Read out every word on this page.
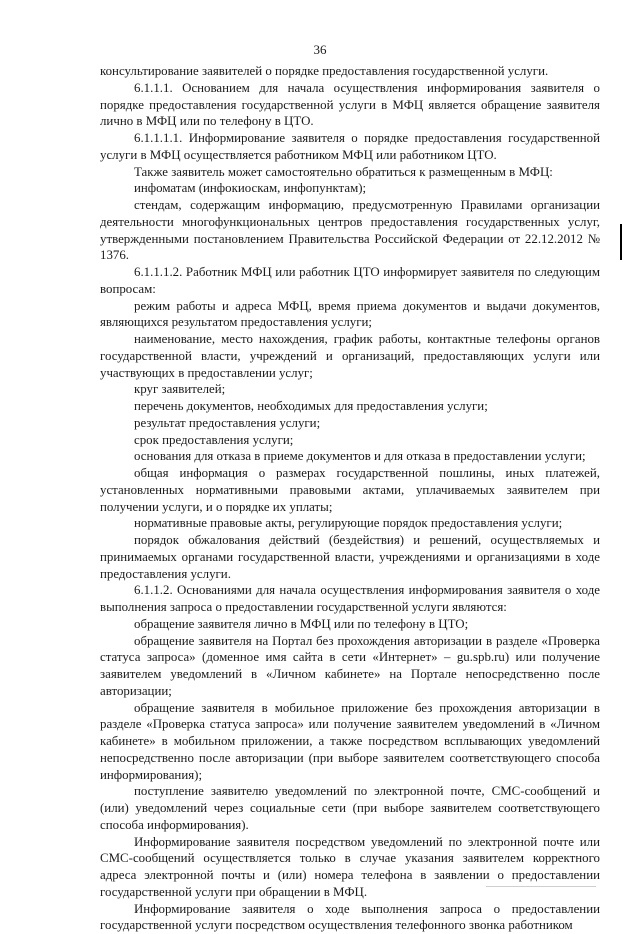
36

консультирование заявителей о порядке предоставления государственной услуги.

6.1.1.1. Основанием для начала осуществления информирования заявителя о порядке предоставления государственной услуги в МФЦ является обращение заявителя лично в МФЦ или по телефону в ЦТО.

6.1.1.1.1. Информирование заявителя о порядке предоставления государственной услуги в МФЦ осуществляется работником МФЦ или работником ЦТО.

Также заявитель может самостоятельно обратиться к размещенным в МФЦ:

инфоматам (инфокиоскам, инфопунктам);

стендам, содержащим информацию, предусмотренную Правилами организации деятельности многофункциональных центров предоставления государственных услуг, утвержденными постановлением Правительства Российской Федерации от 22.12.2012 № 1376.

6.1.1.1.2. Работник МФЦ или работник ЦТО информирует заявителя по следующим вопросам:

режим работы и адреса МФЦ, время приема документов и выдачи документов, являющихся результатом предоставления услуги;

наименование, место нахождения, график работы, контактные телефоны органов государственной власти, учреждений и организаций, предоставляющих услуги или участвующих в предоставлении услуг;

круг заявителей;

перечень документов, необходимых для предоставления услуги;

результат предоставления услуги;

срок предоставления услуги;

основания для отказа в приеме документов и для отказа в предоставлении услуги;

общая информация о размерах государственной пошлины, иных платежей, установленных нормативными правовыми актами, уплачиваемых заявителем при получении услуги, и о порядке их уплаты;

нормативные правовые акты, регулирующие порядок предоставления услуги;

порядок обжалования действий (бездействия) и решений, осуществляемых и принимаемых органами государственной власти, учреждениями и организациями в ходе предоставления услуги.

6.1.1.2. Основаниями для начала осуществления информирования заявителя о ходе выполнения запроса о предоставлении государственной услуги являются:

обращение заявителя лично в МФЦ или по телефону в ЦТО;

обращение заявителя на Портал без прохождения авторизации в разделе «Проверка статуса запроса» (доменное имя сайта в сети «Интернет» – gu.spb.ru) или получение заявителем уведомлений в «Личном кабинете» на Портале непосредственно после авторизации;

обращение заявителя в мобильное приложение без прохождения авторизации в разделе «Проверка статуса запроса» или получение заявителем уведомлений в «Личном кабинете» в мобильном приложении, а также посредством всплывающих уведомлений непосредственно после авторизации (при выборе заявителем соответствующего способа информирования);

поступление заявителю уведомлений по электронной почте, СМС-сообщений и (или) уведомлений через социальные сети (при выборе заявителем соответствующего способа информирования).

Информирование заявителя посредством уведомлений по электронной почте или СМС-сообщений осуществляется только в случае указания заявителем корректного адреса электронной почты и (или) номера телефона в заявлении о предоставлении государственной услуги при обращении в МФЦ.

Информирование заявителя о ходе выполнения запроса о предоставлении государственной услуги посредством осуществления телефонного звонка работником
